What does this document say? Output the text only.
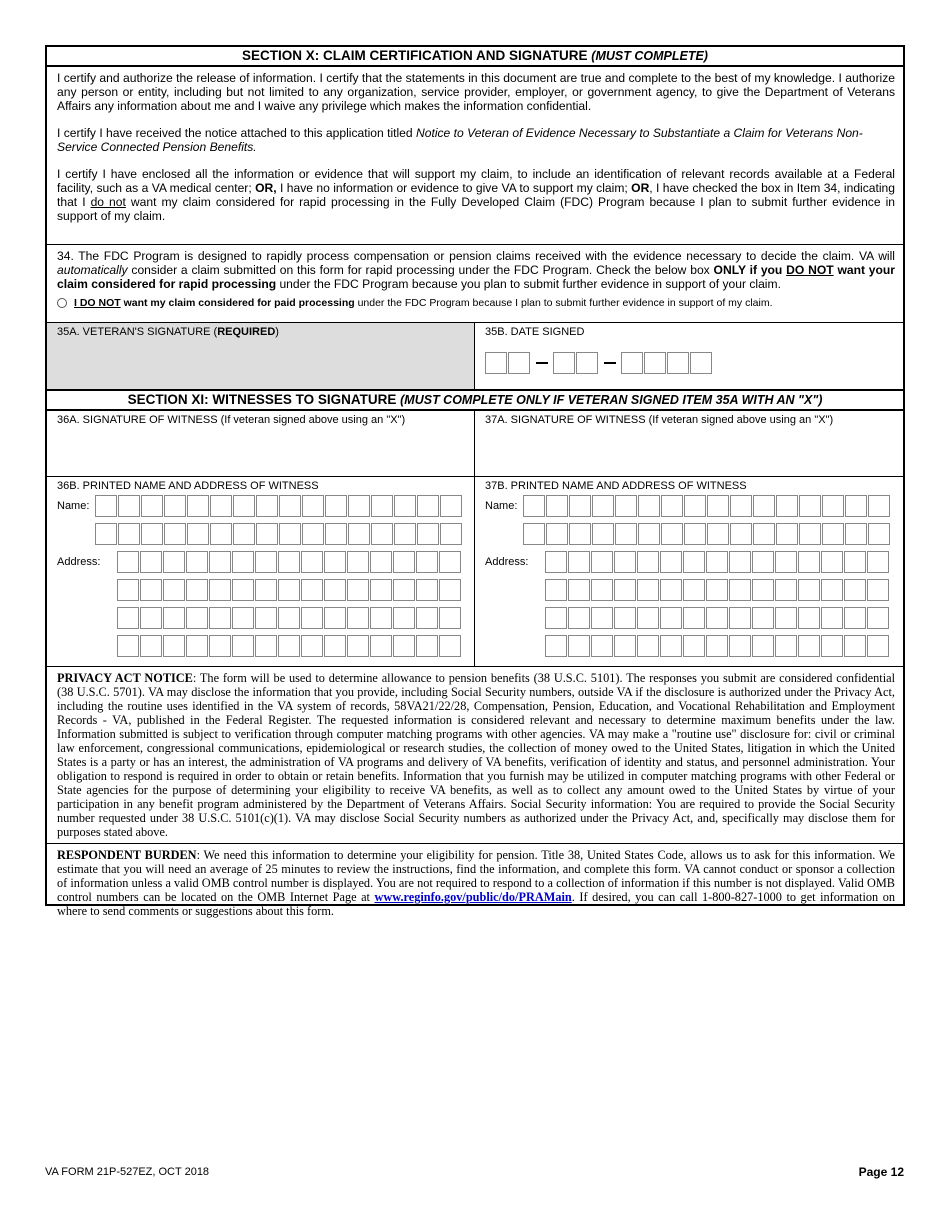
SECTION X: CLAIM CERTIFICATION AND SIGNATURE (MUST COMPLETE)
I certify and authorize the release of information. I certify that the statements in this document are true and complete to the best of my knowledge. I authorize any person or entity, including but not limited to any organization, service provider, employer, or government agency, to give the Department of Veterans Affairs any information about me and I waive any privilege which makes the information confidential.
I certify I have received the notice attached to this application titled Notice to Veteran of Evidence Necessary to Substantiate a Claim for Veterans Non-Service Connected Pension Benefits.
I certify I have enclosed all the information or evidence that will support my claim, to include an identification of relevant records available at a Federal facility, such as a VA medical center; OR, I have no information or evidence to give VA to support my claim; OR, I have checked the box in Item 34, indicating that I do not want my claim considered for rapid processing in the Fully Developed Claim (FDC) Program because I plan to submit further evidence in support of my claim.
34. The FDC Program is designed to rapidly process compensation or pension claims received with the evidence necessary to decide the claim. VA will automatically consider a claim submitted on this form for rapid processing under the FDC Program. Check the below box ONLY if you DO NOT want your claim considered for rapid processing under the FDC Program because you plan to submit further evidence in support of your claim.
I DO NOT want my claim considered for paid processing under the FDC Program because I plan to submit further evidence in support of my claim.
35A. VETERAN'S SIGNATURE (REQUIRED)	35B. DATE SIGNED
SECTION XI: WITNESSES TO SIGNATURE (MUST COMPLETE ONLY IF VETERAN SIGNED ITEM 35A WITH AN "X")
36A. SIGNATURE OF WITNESS (If veteran signed above using an "X")	37A. SIGNATURE OF WITNESS (If veteran signed above using an "X")
36B. PRINTED NAME AND ADDRESS OF WITNESS
Name:
Address:
37B. PRINTED NAME AND ADDRESS OF WITNESS
Name:
Address:
PRIVACY ACT NOTICE: The form will be used to determine allowance to pension benefits (38 U.S.C. 5101). The responses you submit are considered confidential (38 U.S.C. 5701). VA may disclose the information that you provide, including Social Security numbers, outside VA if the disclosure is authorized under the Privacy Act, including the routine uses identified in the VA system of records, 58VA21/22/28, Compensation, Pension, Education, and Vocational Rehabilitation and Employment Records - VA, published in the Federal Register. The requested information is considered relevant and necessary to determine maximum benefits under the law. Information submitted is subject to verification through computer matching programs with other agencies. VA may make a "routine use" disclosure for: civil or criminal law enforcement, congressional communications, epidemiological or research studies, the collection of money owed to the United States, litigation in which the United States is a party or has an interest, the administration of VA programs and delivery of VA benefits, verification of identity and status, and personnel administration. Your obligation to respond is required in order to obtain or retain benefits. Information that you furnish may be utilized in computer matching programs with other Federal or State agencies for the purpose of determining your eligibility to receive VA benefits, as well as to collect any amount owed to the United States by virtue of your participation in any benefit program administered by the Department of Veterans Affairs. Social Security information: You are required to provide the Social Security number requested under 38 U.S.C. 5101(c)(1). VA may disclose Social Security numbers as authorized under the Privacy Act, and, specifically may disclose them for purposes stated above.
RESPONDENT BURDEN: We need this information to determine your eligibility for pension. Title 38, United States Code, allows us to ask for this information. We estimate that you will need an average of 25 minutes to review the instructions, find the information, and complete this form. VA cannot conduct or sponsor a collection of information unless a valid OMB control number is displayed. You are not required to respond to a collection of information if this number is not displayed. Valid OMB control numbers can be located on the OMB Internet Page at www.reginfo.gov/public/do/PRAMain. If desired, you can call 1-800-827-1000 to get information on where to send comments or suggestions about this form.
VA FORM 21P-527EZ, OCT 2018	Page 12
